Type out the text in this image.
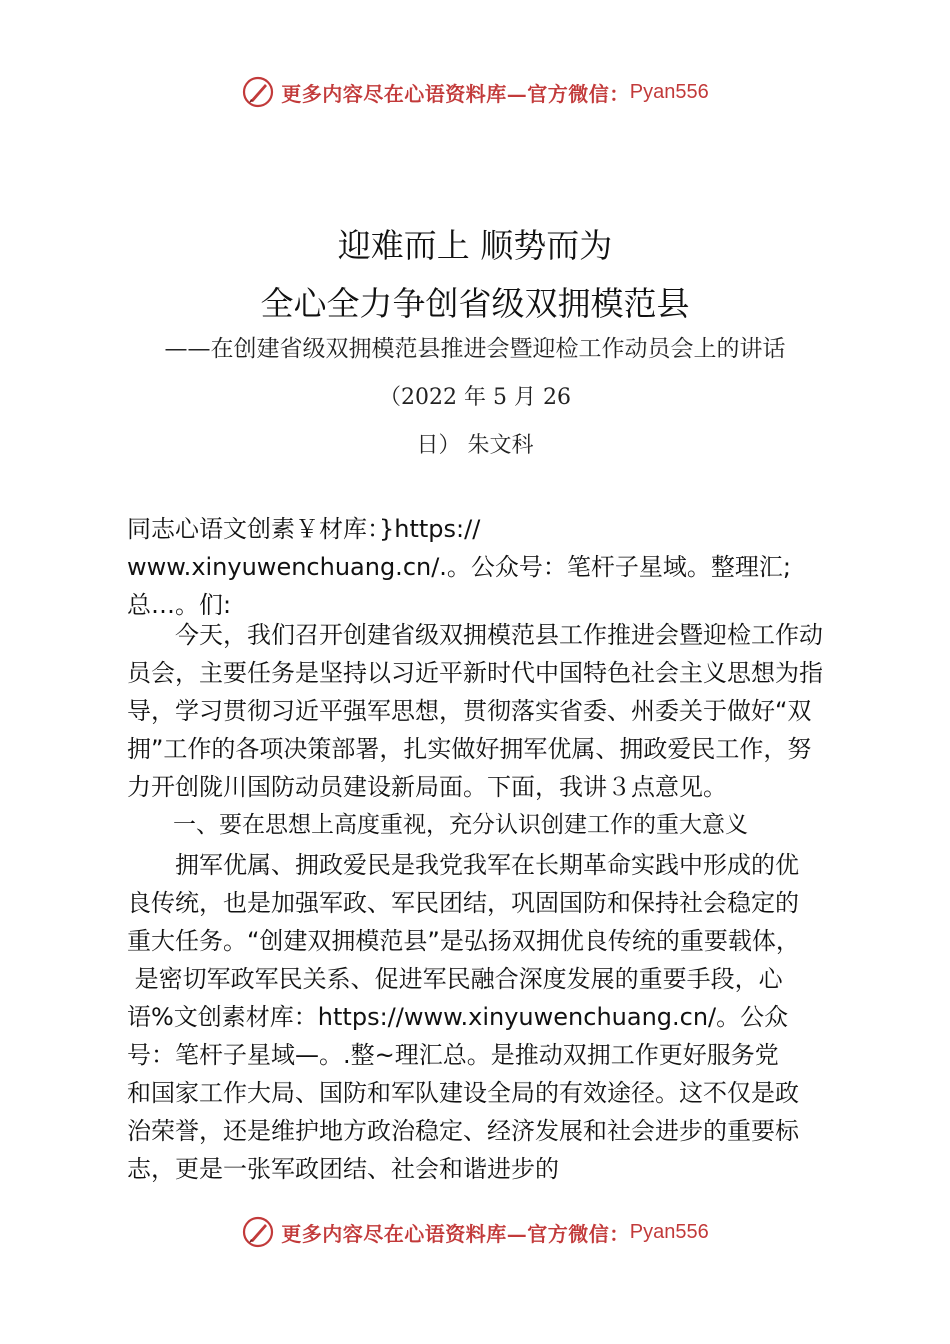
更多内容尽在心语资料库—官方微信： Pyan556
迎难而上 顺势而为
全心全力争创省级双拥模范县
——在创建省级双拥模范县推进会暨迎检工作动员会上的讲话
（2022 年 5 月 26
日） 朱文科
同志心语文创素￥材库：}https://
www.xinyuwenchuang.cn/.。公众号：笔杆子星域。整理汇;
总…。们:
　　今天，我们召开创建省级双拥模范县工作推进会暨迎检工作动
员会，主要任务是坚持以习近平新时代中国特色社会主义思想为指
导，学习贯彻习近平强军思想，贯彻落实省委、州委关于做好“双
拥”工作的各项决策部署，扎实做好拥军优属、拥政爱民工作，努
力开创陇川国防动员建设新局面。下面，我讲３点意见。
　　一、要在思想上高度重视，充分认识创建工作的重大意义
　　拥军优属、拥政爱民是我党我军在长期革命实践中形成的优
良传统，也是加强军政、军民团结，巩固国防和保持社会稳定的
重大任务。“创建双拥模范县”是弘扬双拥优良传统的重要载体，
是密切军政军民关系、促进军民融合深度发展的重要手段，心
语%文创素材库：https://www.xinyuwenchuang.cn/。公众
号：笔杆子星域—。.整~理汇总。是推动双拥工作更好服务党
和国家工作大局、国防和军队建设全局的有效途径。这不仅是政
治荣誉，还是维护地方政治稳定、经济发展和社会进步的重要标
志，更是一张军政团结、社会和谐进步的
更多内容尽在心语资料库—官方微信： Pyan556
